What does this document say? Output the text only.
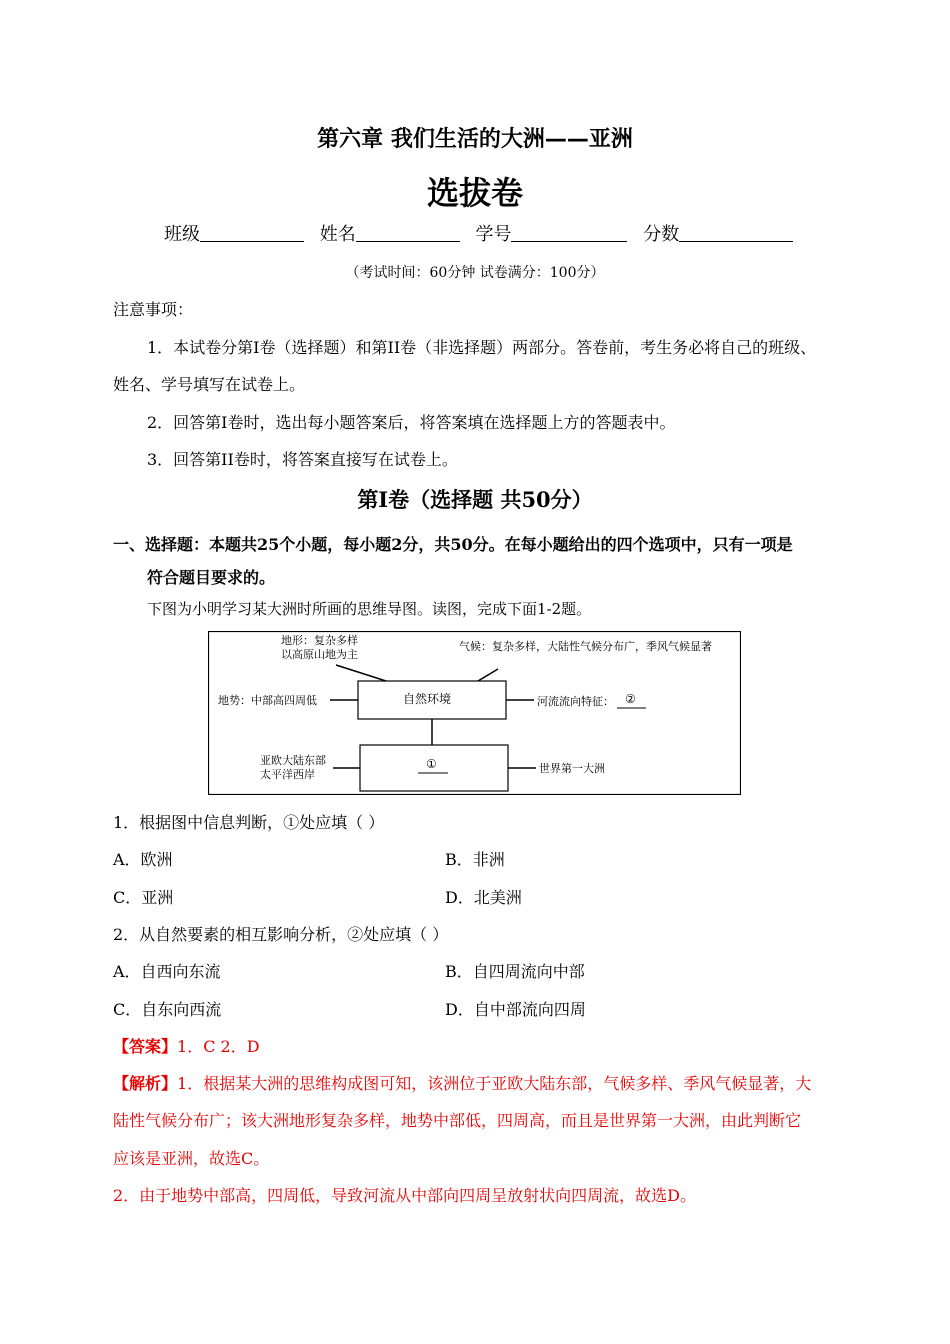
第六章 我们生活的大洲——亚洲
选拔卷
班级	姓名	学号	分数
（考试时间：60分钟 试卷满分：100分）
注意事项：
1．本试卷分第I卷（选择题）和第II卷（非选择题）两部分。答卷前，考生务必将自己的班级、
姓名、学号填写在试卷上。
2．回答第I卷时，选出每小题答案后，将答案填在选择题上方的答题表中。
3．回答第II卷时，将答案直接写在试卷上。
第I卷（选择题 共50分）
一、选择题：本题共25个小题，每小题2分，共50分。在每小题给出的四个选项中，只有一项是
符合题目要求的。
下图为小明学习某大洲时所画的思维导图。读图，完成下面1-2题。
地形：复杂多样
以高原山地为主
气候：复杂多样，大陆性气候分布广，季风气候显著
地势：中部高四周低	自然环境	河流流向特征： ②
亚欧大陆东部
太平洋西岸
①	世界第一大洲
1．根据图中信息判断，①处应填（ ）
A．欧洲	B．非洲
C．亚洲	D．北美洲
2．从自然要素的相互影响分析，②处应填（ ）
A．自西向东流	B．自四周流向中部
C．自东向西流	D．自中部流向四周
【答案】1．C 2．D
【解析】1．根据某大洲的思维构成图可知，该洲位于亚欧大陆东部，气候多样、季风气候显著，大
陆性气候分布广；该大洲地形复杂多样，地势中部低，四周高，而且是世界第一大洲，由此判断它
应该是亚洲，故选C。
2．由于地势中部高，四周低，导致河流从中部向四周呈放射状向四周流，故选D。
